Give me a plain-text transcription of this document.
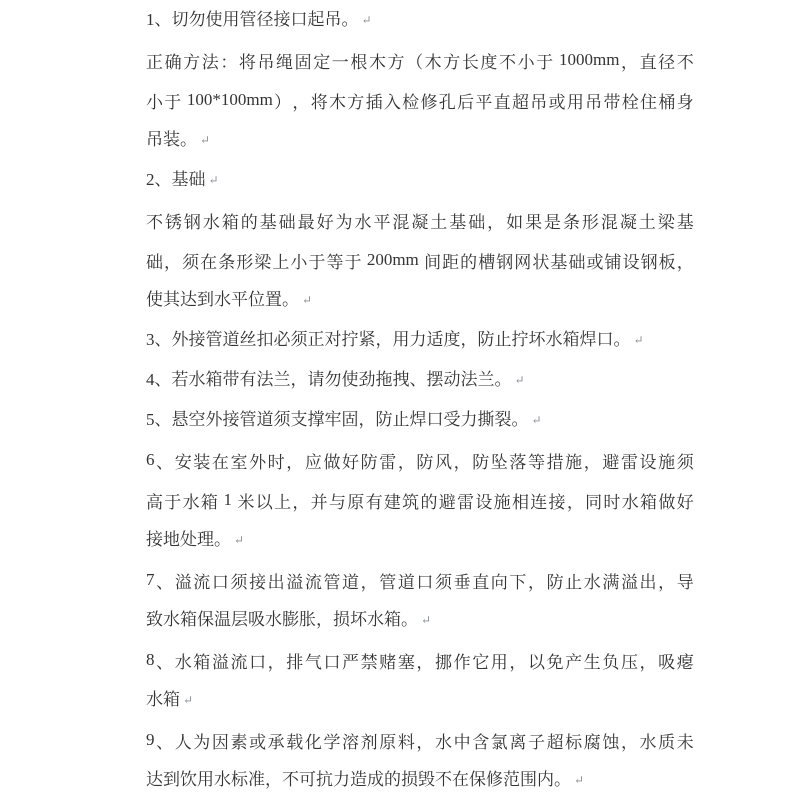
1、切勿使用管径接口起吊。 ↵
正 确 方 法 ： 将 吊 绳 固 定 一 根 木 方 （ 木 方 长 度 不 小 于 1000mm ， 直 径 不
小 于 100*100mm ） ， 将 木 方 插 入 检 修 孔 后 平 直 超 吊 或 用 吊 带 栓 住 桶 身
吊装。 ↵
2、基础 ↵
不 锈 钢 水 箱 的 基 础 最 好 为 水 平 混 凝 土 基 础 ， 如 果 是 条 形 混 凝 土 梁 基
础 ， 须 在 条 形 梁 上 小 于 等 于 200mm 间 距 的 槽 钢 网 状 基 础 或 铺 设 钢 板 ，
使其达到水平位置。 ↵
3、外接管道丝扣必须正对拧紧，用力适度，防止拧坏水箱焊口。 ↵
4、若水箱带有法兰，请勿使劲拖拽、摆动法兰。 ↵
5、悬空外接管道须支撑牢固，防止焊口受力撕裂。 ↵
6 、 安 装 在 室 外 时 ， 应 做 好 防 雷 ， 防 风 ， 防 坠 落 等 措 施 ， 避 雷 设 施 须
高 于 水 箱 1 米 以 上 ， 并 与 原 有 建 筑 的 避 雷 设 施 相 连 接 ， 同 时 水 箱 做 好
接地处理。 ↵
7 、 溢 流 口 须 接 出 溢 流 管 道 ， 管 道 口 须 垂 直 向 下 ， 防 止 水 满 溢 出 ， 导
致水箱保温层吸水膨胀，损坏水箱。 ↵
8 、 水 箱 溢 流 口 ， 排 气 口 严 禁 赌 塞 ， 挪 作 它 用 ， 以 免 产 生 负 压 ， 吸 瘪
水箱 ↵
9 、 人 为 因 素 或 承 载 化 学 溶 剂 原 料 ， 水 中 含 氯 离 子 超 标 腐 蚀 ， 水 质 未
达到饮用水标准，不可抗力造成的损毁不在保修范围内。 ↵
